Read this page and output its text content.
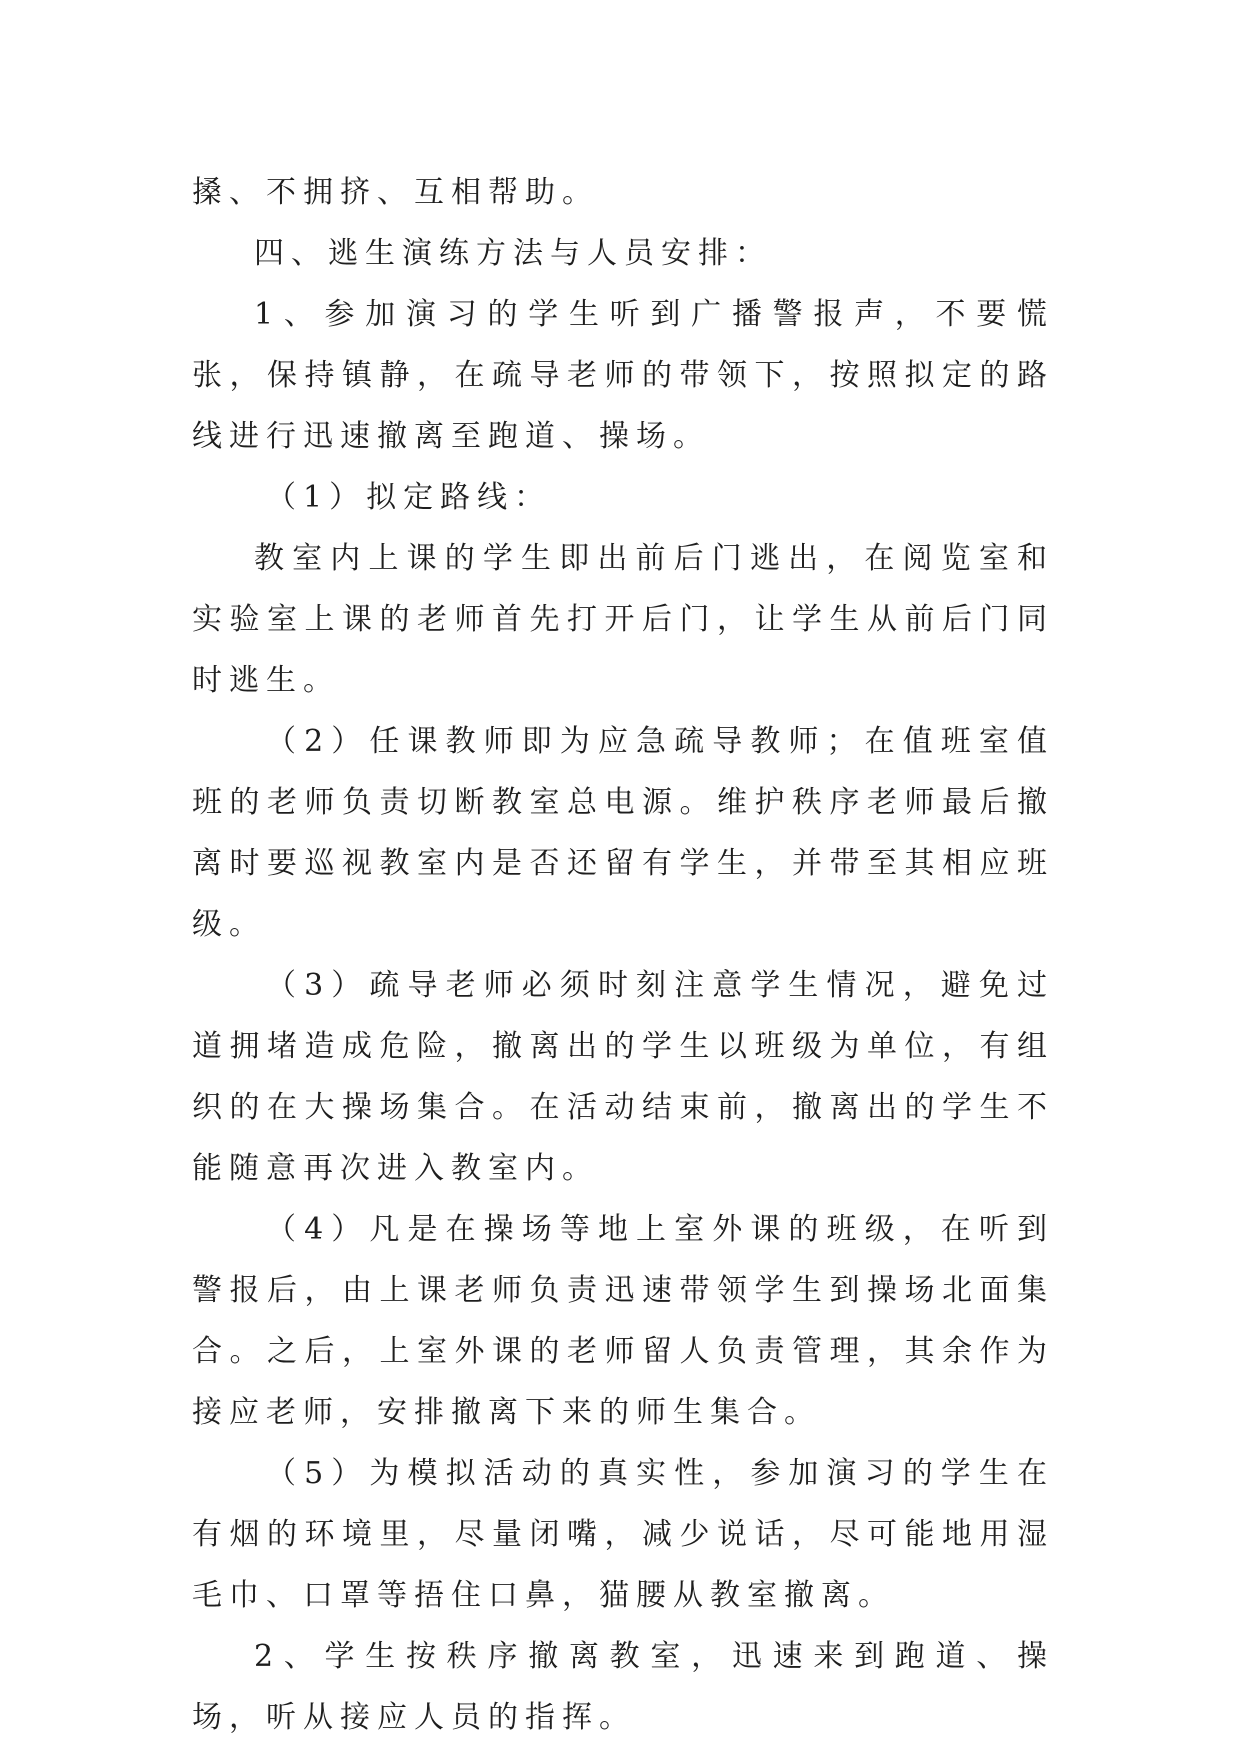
搡、不拥挤、互相帮助。

四、逃生演练方法与人员安排：

1、参加演习的学生听到广播警报声，不要慌张，保持镇静，在疏导老师的带领下，按照拟定的路线进行迅速撤离至跑道、操场。

（1）拟定路线：

教室内上课的学生即出前后门逃出，在阅览室和实验室上课的老师首先打开后门，让学生从前后门同时逃生。

（2）任课教师即为应急疏导教师；在值班室值班的老师负责切断教室总电源。维护秩序老师最后撤离时要巡视教室内是否还留有学生，并带至其相应班级。

（3）疏导老师必须时刻注意学生情况，避免过道拥堵造成危险，撤离出的学生以班级为单位，有组织的在大操场集合。在活动结束前，撤离出的学生不能随意再次进入教室内。

（4）凡是在操场等地上室外课的班级，在听到警报后，由上课老师负责迅速带领学生到操场北面集合。之后，上室外课的老师留人负责管理，其余作为接应老师，安排撤离下来的师生集合。

（5）为模拟活动的真实性，参加演习的学生在有烟的环境里，尽量闭嘴，减少说话，尽可能地用湿毛巾、口罩等捂住口鼻，猫腰从教室撤离。

2、学生按秩序撤离教室，迅速来到跑道、操场，听从接应人员的指挥。
